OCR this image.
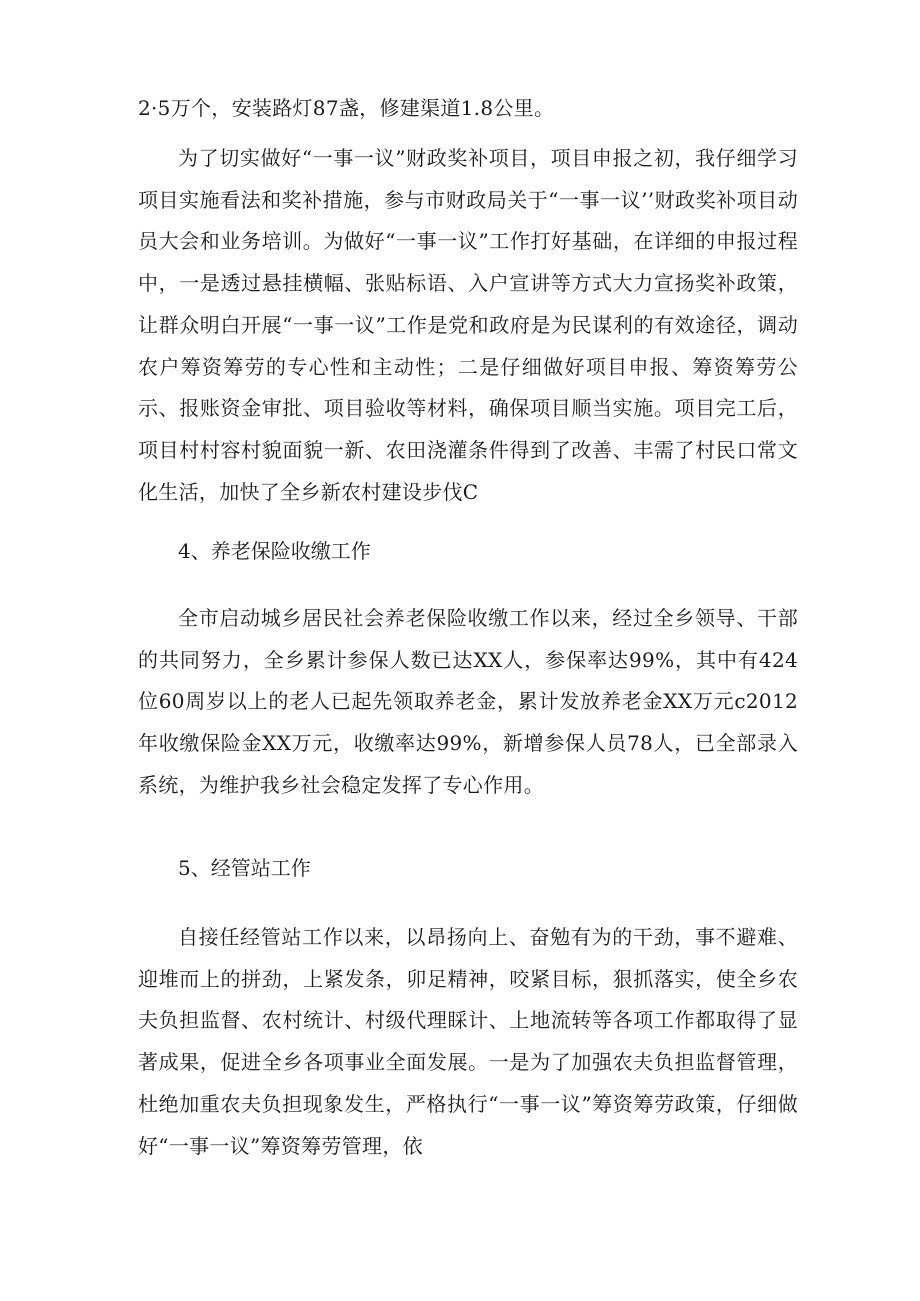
2·5万个，安装路灯87盏，修建渠道1.8公里。

为了切实做好“一事一议”财政奖补项目，项目申报之初，我仔细学习项目实施看法和奖补措施，参与市财政局关于“一事一议’’财政奖补项目动员大会和业务培训。为做好“一事一议”工作打好基础，在详细的申报过程中，一是透过悬挂横幅、张贴标语、入户宣讲等方式大力宣扬奖补政策，让群众明白开展“一事一议”工作是党和政府是为民谋利的有效途径，调动农户筹资筹劳的专心性和主动性；二是仔细做好项目申报、筹资筹劳公示、报账资金审批、项目验收等材料，确保项目顺当实施。项目完工后，项目村村容村貌面貌一新、农田浇灌条件得到了改善、丰需了村民口常文化生活，加快了全乡新农村建设步伐C

4、养老保险收缴工作

全市启动城乡居民社会养老保险收缴工作以来，经过全乡领导、干部的共同努力，全乡累计参保人数已达XX人，参保率达99%，其中有424位60周岁以上的老人已起先领取养老金，累计发放养老金XX万元c2012年收缴保险金XX万元，收缴率达99%，新增参保人员78人，已全部录入系统，为维护我乡社会稳定发挥了专心作用。

5、经管站工作

自接任经管站工作以来，以昂扬向上、奋勉有为的干劲，事不避难、迎堆而上的拼劲，上紧发条，卯足精神，咬紧目标，狠抓落实，使全乡农夫负担监督、农村统计、村级代理睬计、上地流转等各项工作都取得了显著成果，促进全乡各项事业全面发展。一是为了加强农夫负担监督管理，杜绝加重农夫负担现象发生，严格执行“一事一议”筹资筹劳政策，仔细做好“一事一议”筹资筹劳管理，依
